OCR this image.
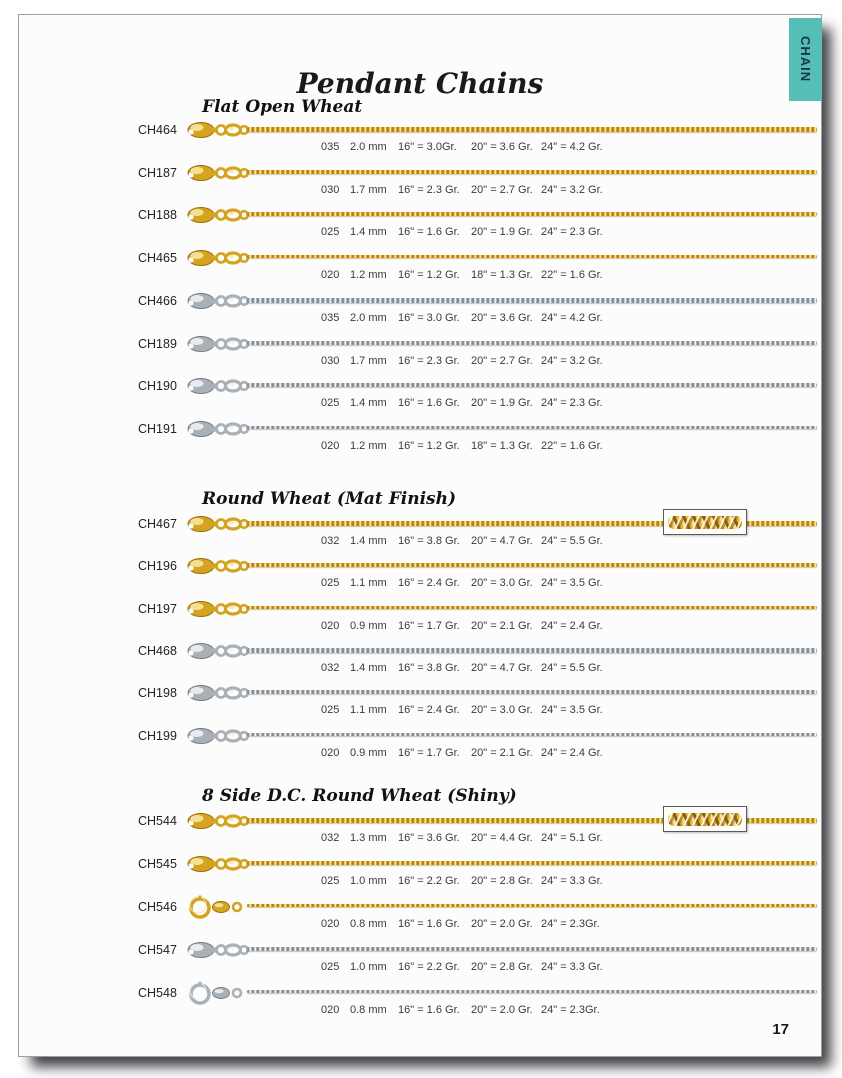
CHAIN
Pendant Chains
Flat Open Wheat
CH464
035 2.0 mm 16" = 3.0Gr. 20" = 3.6 Gr. 24" = 4.2 Gr.
CH187
030 1.7 mm 16" = 2.3 Gr. 20" = 2.7 Gr. 24" = 3.2 Gr.
CH188
025 1.4 mm 16" = 1.6 Gr. 20" = 1.9 Gr. 24" = 2.3 Gr.
CH465
020 1.2 mm 16" = 1.2 Gr. 18" = 1.3 Gr. 22" = 1.6 Gr.
CH466
035 2.0 mm 16" = 3.0 Gr. 20" = 3.6 Gr. 24" = 4.2 Gr.
CH189
030 1.7 mm 16" = 2.3 Gr. 20" = 2.7 Gr. 24" = 3.2 Gr.
CH190
025 1.4 mm 16" = 1.6 Gr. 20" = 1.9 Gr. 24" = 2.3 Gr.
CH191
020 1.2 mm 16" = 1.2 Gr. 18" = 1.3 Gr. 22" = 1.6 Gr.
Round Wheat (Mat Finish)
CH467
032 1.4 mm 16" = 3.8 Gr. 20" = 4.7 Gr. 24" = 5.5 Gr.
CH196
025 1.1 mm 16" = 2.4 Gr. 20" = 3.0 Gr. 24" = 3.5 Gr.
CH197
020 0.9 mm 16" = 1.7 Gr. 20" = 2.1 Gr. 24" = 2.4 Gr.
CH468
032 1.4 mm 16" = 3.8 Gr. 20" = 4.7 Gr. 24" = 5.5 Gr.
CH198
025 1.1 mm 16" = 2.4 Gr. 20" = 3.0 Gr. 24" = 3.5 Gr.
CH199
020 0.9 mm 16" = 1.7 Gr. 20" = 2.1 Gr. 24" = 2.4 Gr.
8 Side D.C. Round Wheat (Shiny)
CH544
032 1.3 mm 16" = 3.6 Gr. 20" = 4.4 Gr. 24" = 5.1 Gr.
CH545
025 1.0 mm 16" = 2.2 Gr. 20" = 2.8 Gr. 24" = 3.3 Gr.
CH546
020 0.8 mm 16" = 1.6 Gr. 20" = 2.0 Gr. 24" = 2.3Gr.
CH547
025 1.0 mm 16" = 2.2 Gr. 20" = 2.8 Gr. 24" = 3.3 Gr.
CH548
020 0.8 mm 16" = 1.6 Gr. 20" = 2.0 Gr. 24" = 2.3Gr.
17
